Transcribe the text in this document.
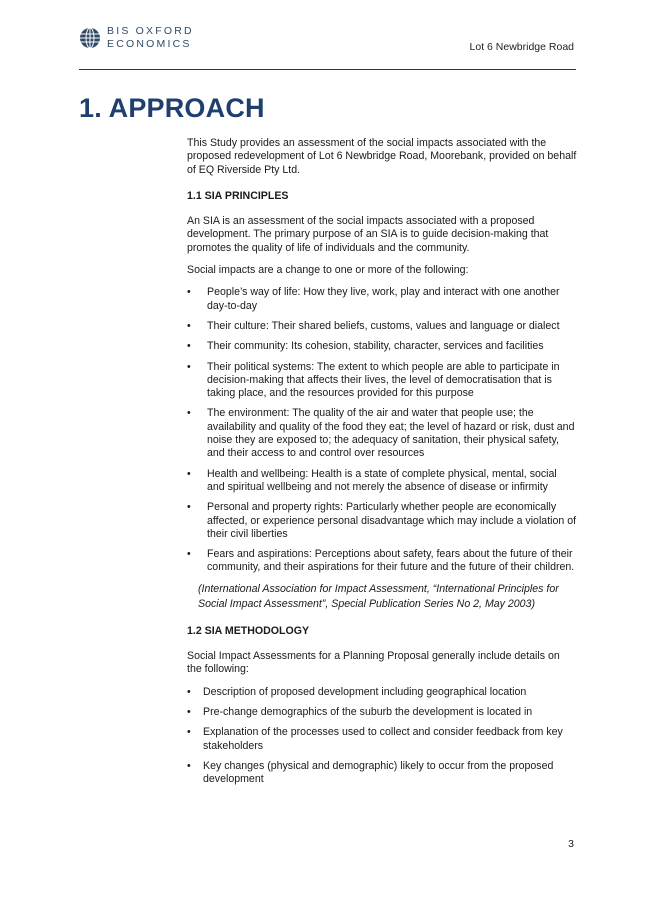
BIS OXFORD
ECONOMICS	Lot 6 Newbridge Road
1. APPROACH

This Study provides an assessment of the social impacts associated with the proposed redevelopment of Lot 6 Newbridge Road, Moorebank, provided on behalf of EQ Riverside Pty Ltd.

1.1 SIA PRINCIPLES

An SIA is an assessment of the social impacts associated with a proposed development. The primary purpose of an SIA is to guide decision-making that promotes the quality of life of individuals and the community.

Social impacts are a change to one or more of the following:

• People’s way of life: How they live, work, play and interact with one another day-to-day
• Their culture: Their shared beliefs, customs, values and language or dialect
• Their community: Its cohesion, stability, character, services and facilities
• Their political systems: The extent to which people are able to participate in decision-making that affects their lives, the level of democratisation that is taking place, and the resources provided for this purpose
• The environment: The quality of the air and water that people use; the availability and quality of the food they eat; the level of hazard or risk, dust and noise they are exposed to; the adequacy of sanitation, their physical safety, and their access to and control over resources
• Health and wellbeing: Health is a state of complete physical, mental, social and spiritual wellbeing and not merely the absence of disease or infirmity
• Personal and property rights: Particularly whether people are economically affected, or experience personal disadvantage which may include a violation of their civil liberties
• Fears and aspirations: Perceptions about safety, fears about the future of their community, and their aspirations for their future and the future of their children.

(International Association for Impact Assessment, “International Principles for Social Impact Assessment”, Special Publication Series No 2, May 2003)

1.2 SIA METHODOLOGY

Social Impact Assessments for a Planning Proposal generally include details on the following:

• Description of proposed development including geographical location
• Pre-change demographics of the suburb the development is located in
• Explanation of the processes used to collect and consider feedback from key stakeholders
• Key changes (physical and demographic) likely to occur from the proposed development
3
